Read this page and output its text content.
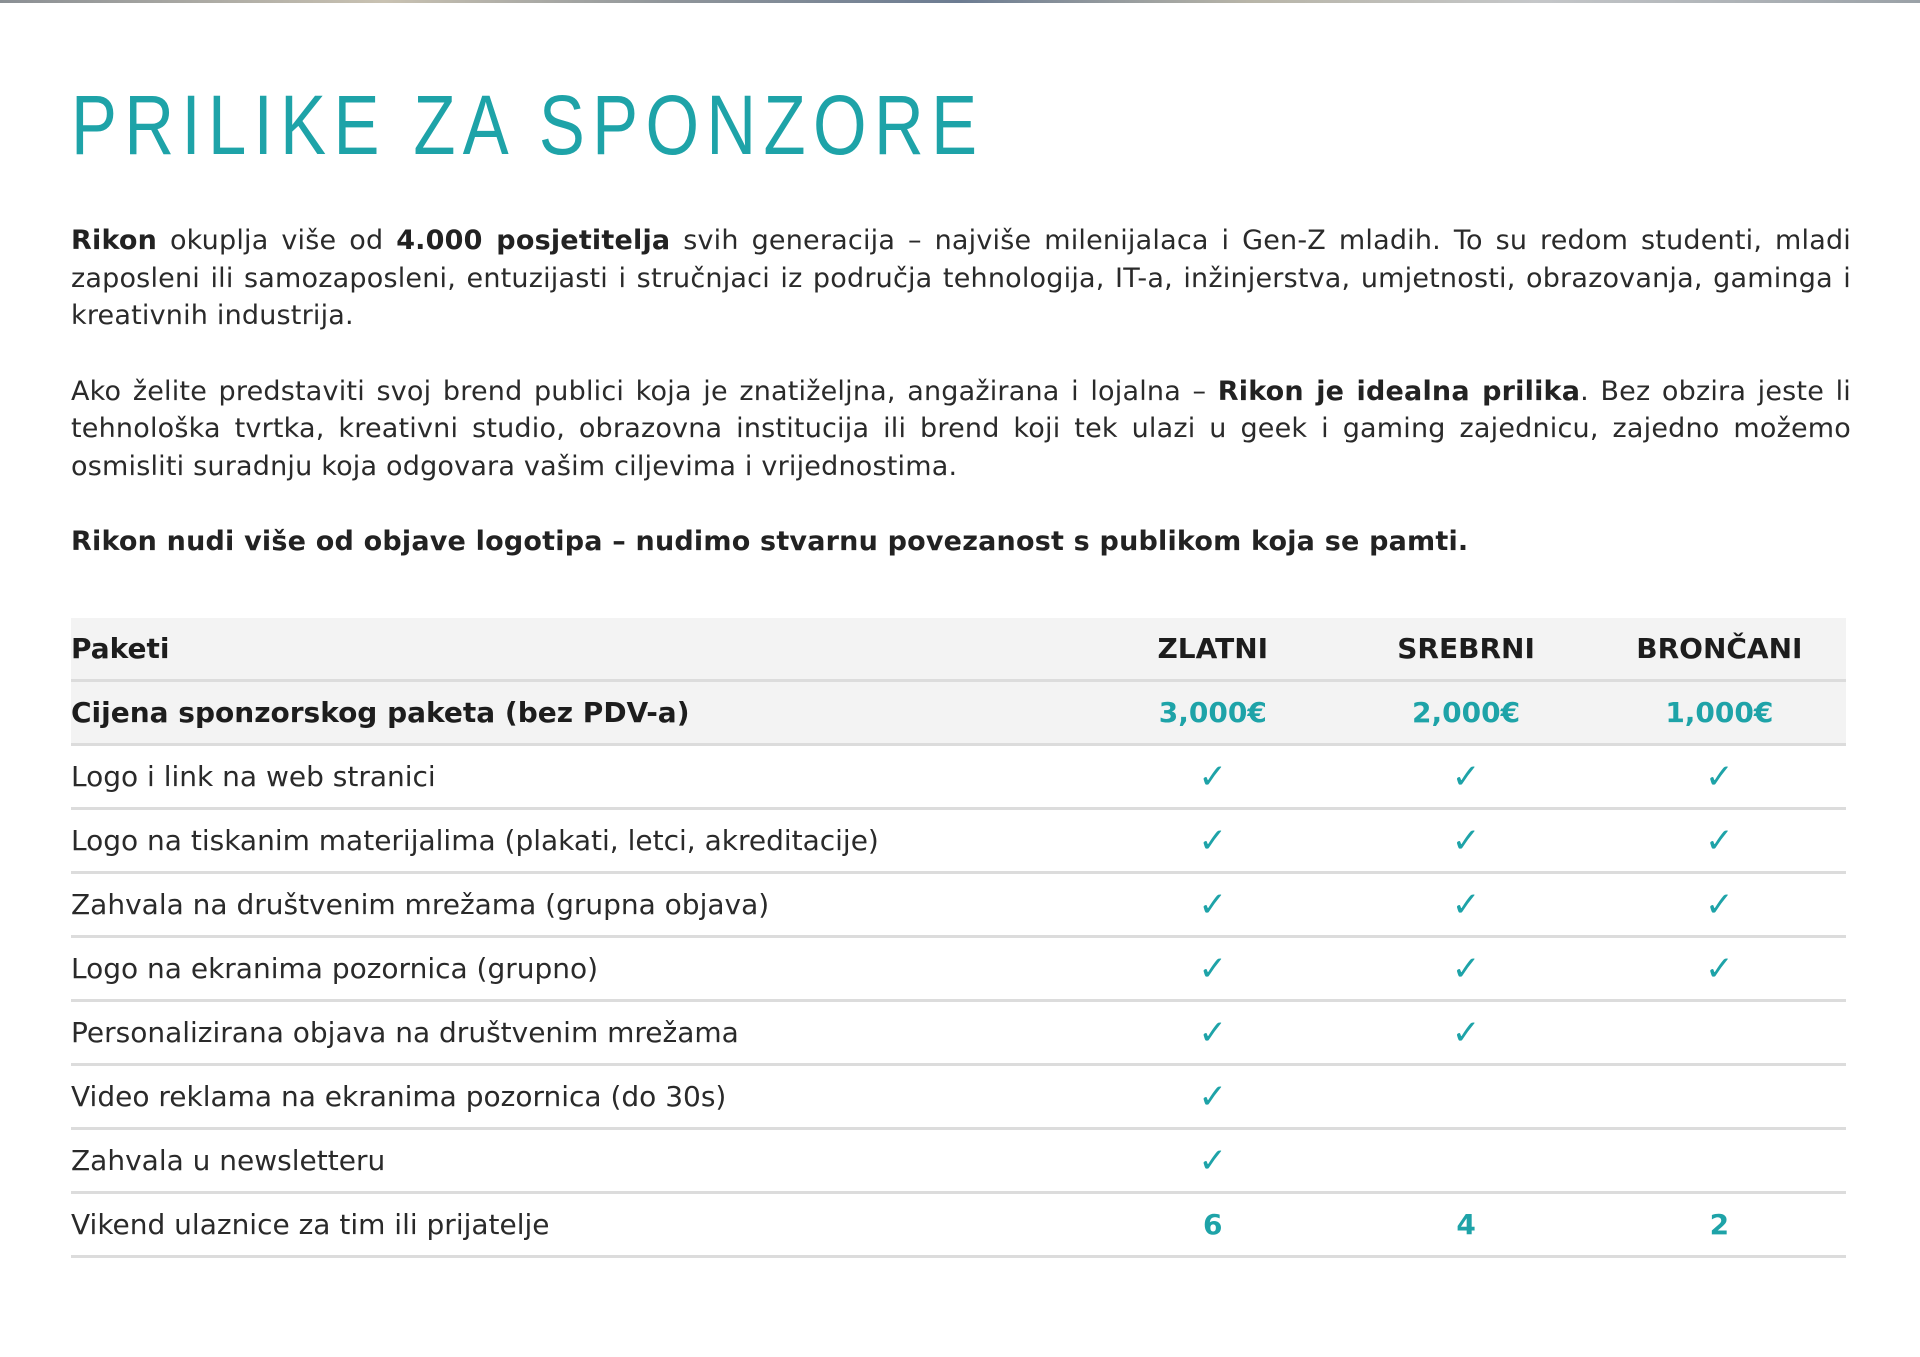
PRILIKE ZA SPONZORE

Rikon okuplja više od 4.000 posjetitelja svih generacija – najviše milenijalaca i Gen-Z mladih. To su redom studenti, mladi zaposleni ili samozaposleni, entuzijasti i stručnjaci iz područja tehnologija, IT-a, inžinjerstva, umjetnosti, obrazovanja, gaminga i kreativnih industrija.

Ako želite predstaviti svoj brend publici koja je znatiželjna, angažirana i lojalna – Rikon je idealna prilika. Bez obzira jeste li tehnološka tvrtka, kreativni studio, obrazovna institucija ili brend koji tek ulazi u geek i gaming zajednicu, zajedno možemo osmisliti suradnju koja odgovara vašim ciljevima i vrijednostima.

Rikon nudi više od objave logotipa – nudimo stvarnu povezanost s publikom koja se pamti.

Paketi	ZLATNI	SREBRNI	BRONČANI
Cijena sponzorskog paketa (bez PDV-a)	3,000€	2,000€	1,000€
Logo i link na web stranici	✓	✓	✓
Logo na tiskanim materijalima (plakati, letci, akreditacije)	✓	✓	✓
Zahvala na društvenim mrežama (grupna objava)	✓	✓	✓
Logo na ekranima pozornica (grupno)	✓	✓	✓
Personalizirana objava na društvenim mrežama	✓	✓	
Video reklama na ekranima pozornica (do 30s)	✓		
Zahvala u newsletteru	✓		
Vikend ulaznice za tim ili prijatelje	6	4	2
